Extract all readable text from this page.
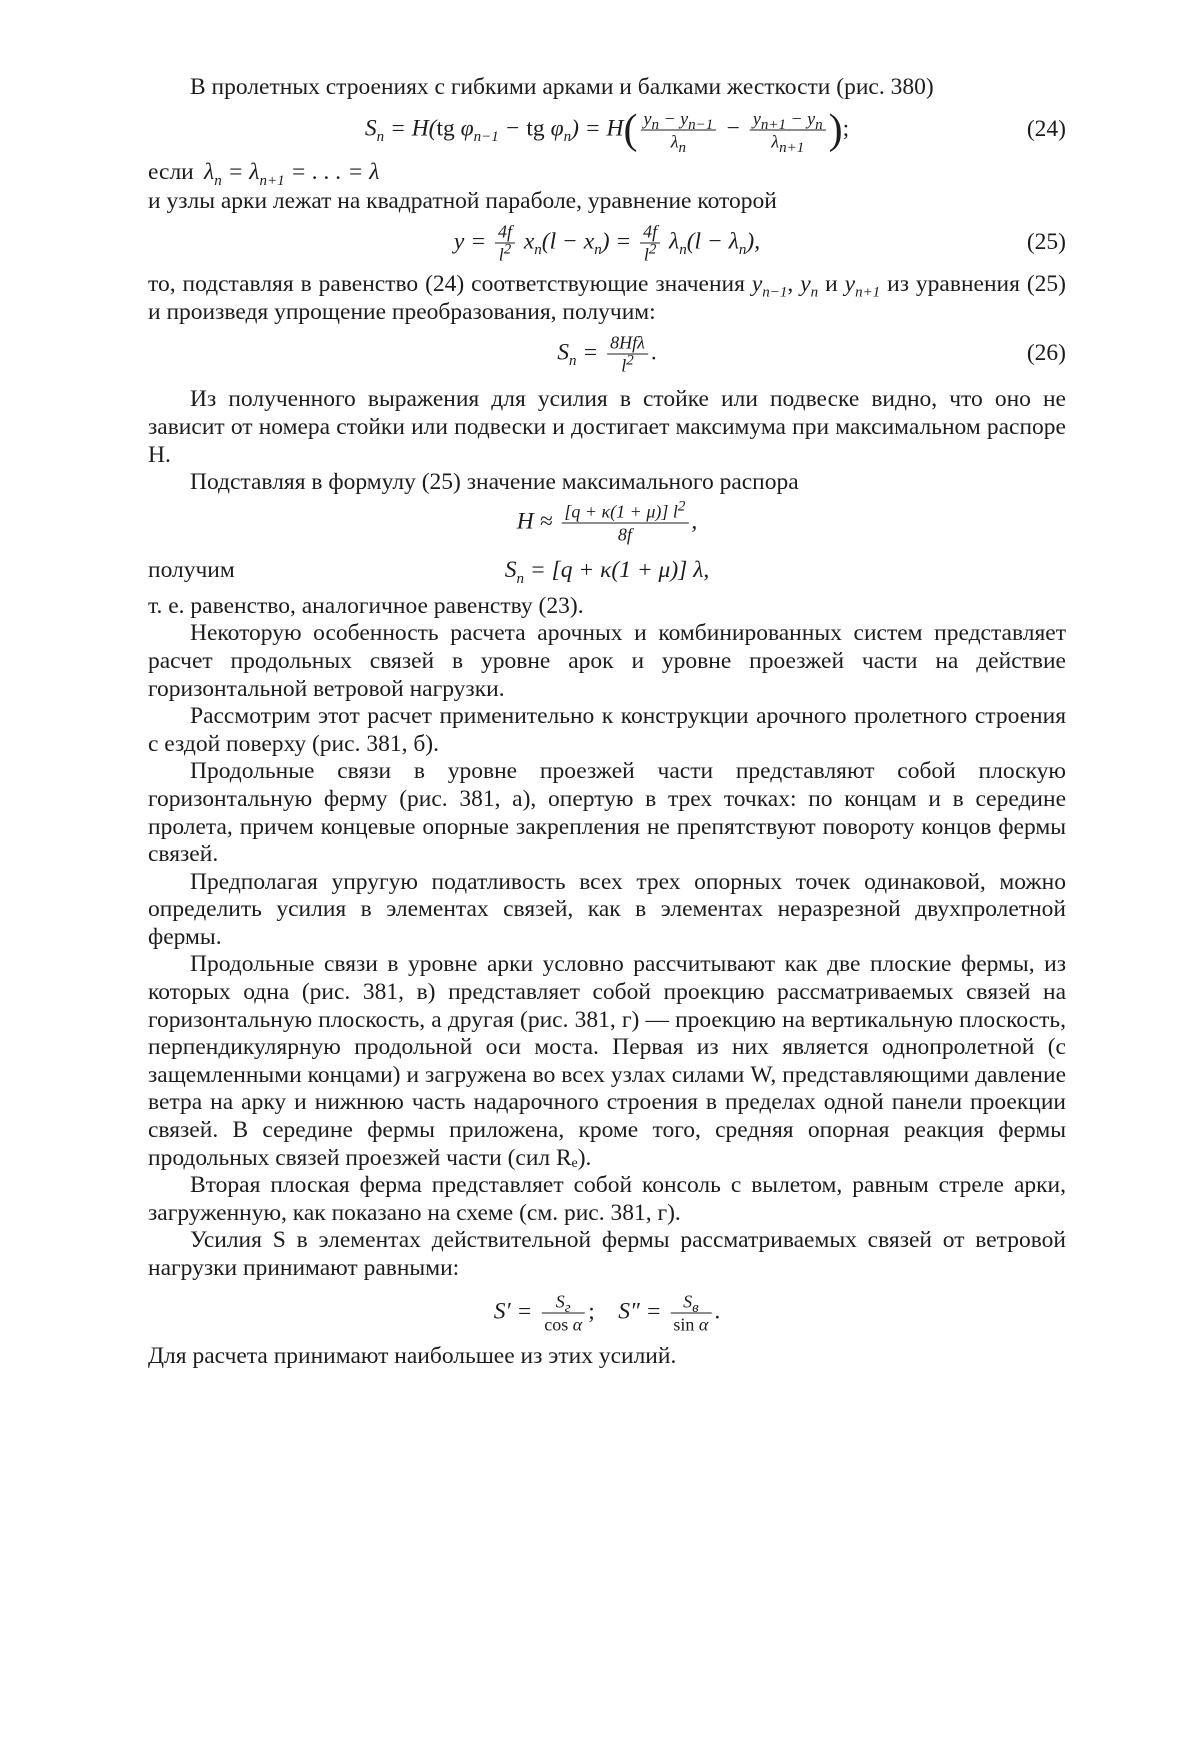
В пролетных строениях с гибкими арками и балками жесткости (рис. 380)

$S_n = H(tg$ $\varphi_{n-1}$ − tg $\varphi_n) = H( \frac{y_n - y_{n-1}}{\lambda_n} - \frac{y_{n+1} - y_n}{\lambda_{n+1}}$ );	(24)
если $\lambda_n = \lambda_{n+1}$ = . . . = λ

и узлы арки лежат на квадратной параболе, уравнение которой

$y = \frac{4f}{l^2} x_n(l - x_n) = \frac{4f}{l^2} \lambda_n(l - \lambda_n)$,	(25)

то, подставляя в равенство (24) соответствующие значения $y_{n-1}$, $y_n$ и $y_{n+1}$ из уравнения (25) и произведя упрощение преобразования, получим:

$S_n = \frac{\text{8Hfλ}}{l^2}$ .	(26)

Из полученного выражения для усилия в стойке или подвеске видно, что оно не зависит от номера стойки или подвески и достигает максимума при максимальном распоре H.

Подставляя в формулу (25) значение максимального распора

$H \approx \frac{[q + \kappa(1 + \mu)] l^2}{8f}$ ,
получим	$S_n = [q + \kappa(1 + \mu)]$ λ,

т. е. равенство, аналогичное равенству (23).

Некоторую особенность расчета арочных и комбинированных систем представляет расчет продольных связей в уровне арок и уровне проезжей части на действие горизонтальной ветровой нагрузки.

Рассмотрим этот расчет применительно к конструкции арочного пролетного строения с ездой поверху (рис. 381, б).

Продольные связи в уровне проезжей части представляют собой плоскую горизонтальную ферму (рис. 381, а), опертую в трех точках: по концам и в середине пролета, причем концевые опорные закрепления не препятствуют повороту концов фермы связей.

Предполагая упругую податливость всех трех опорных точек одинаковой, можно определить усилия в элементах связей, как в элементах неразрезной двухпролетной фермы.

Продольные связи в уровне арки условно рассчитывают как две плоские фермы, из которых одна (рис. 381, в) представляет собой проекцию рассматриваемых связей на горизонтальную плоскость, а другая (рис. 381, г) — проекцию на вертикальную плоскость, перпендикулярную продольной оси моста. Первая из них является однопролетной (с защемленными концами) и загружена во всех узлах силами W, представляющими давление ветра на арку и нижнюю часть надарочного строения в пределах одной панели проекции связей. В середине фермы приложена, кроме того, средняя опорная реакция фермы продольных связей проезжей части (сил Rₑ).

Вторая плоская ферма представляет собой консоль с вылетом, равным стреле арки, загруженную, как показано на схеме (см. рис. 381, г).

Усилия S в элементах действительной фермы рассматриваемых связей от ветровой нагрузки принимают равными:

$S' = \frac{S_г}{\text{cos α}}$ ;    $S'' = \frac{S_в}{\text{sin α}}$ .

Для расчета принимают наибольшее из этих усилий.
